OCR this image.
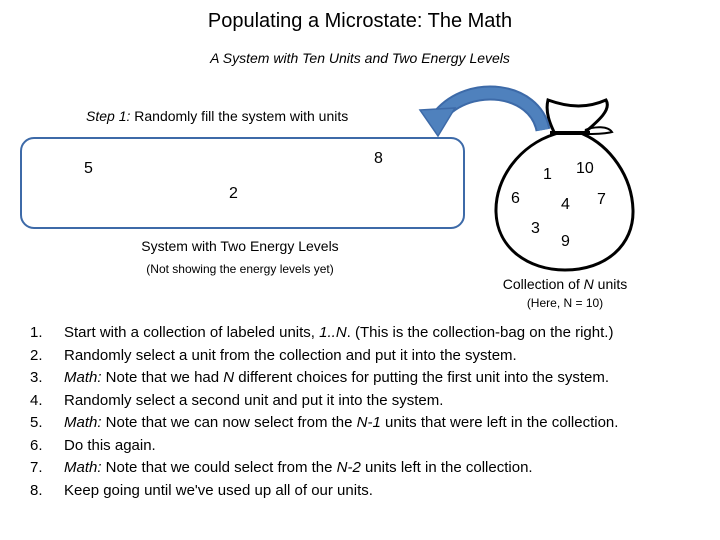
Populating a Microstate: The Math
A System with Ten Units and Two Energy Levels
Step 1: Randomly fill the system with units
5
8
2
System with Two Energy Levels
(Not showing the energy levels yet)
1 10
6	4 7
3
9
Collection of N units
(Here, N = 10)
1. Start with a collection of labeled units, 1..N. (This is the collection-bag on the right.)
2. Randomly select a unit from the collection and put it into the system.
3. Math: Note that we had N different choices for putting the first unit into the system.
4. Randomly select a second unit and put it into the system.
5. Math: Note that we can now select from the N-1 units that were left in the collection.
6. Do this again.
7. Math: Note that we could select from the N-2 units left in the collection.
8. Keep going until we've used up all of our units.
